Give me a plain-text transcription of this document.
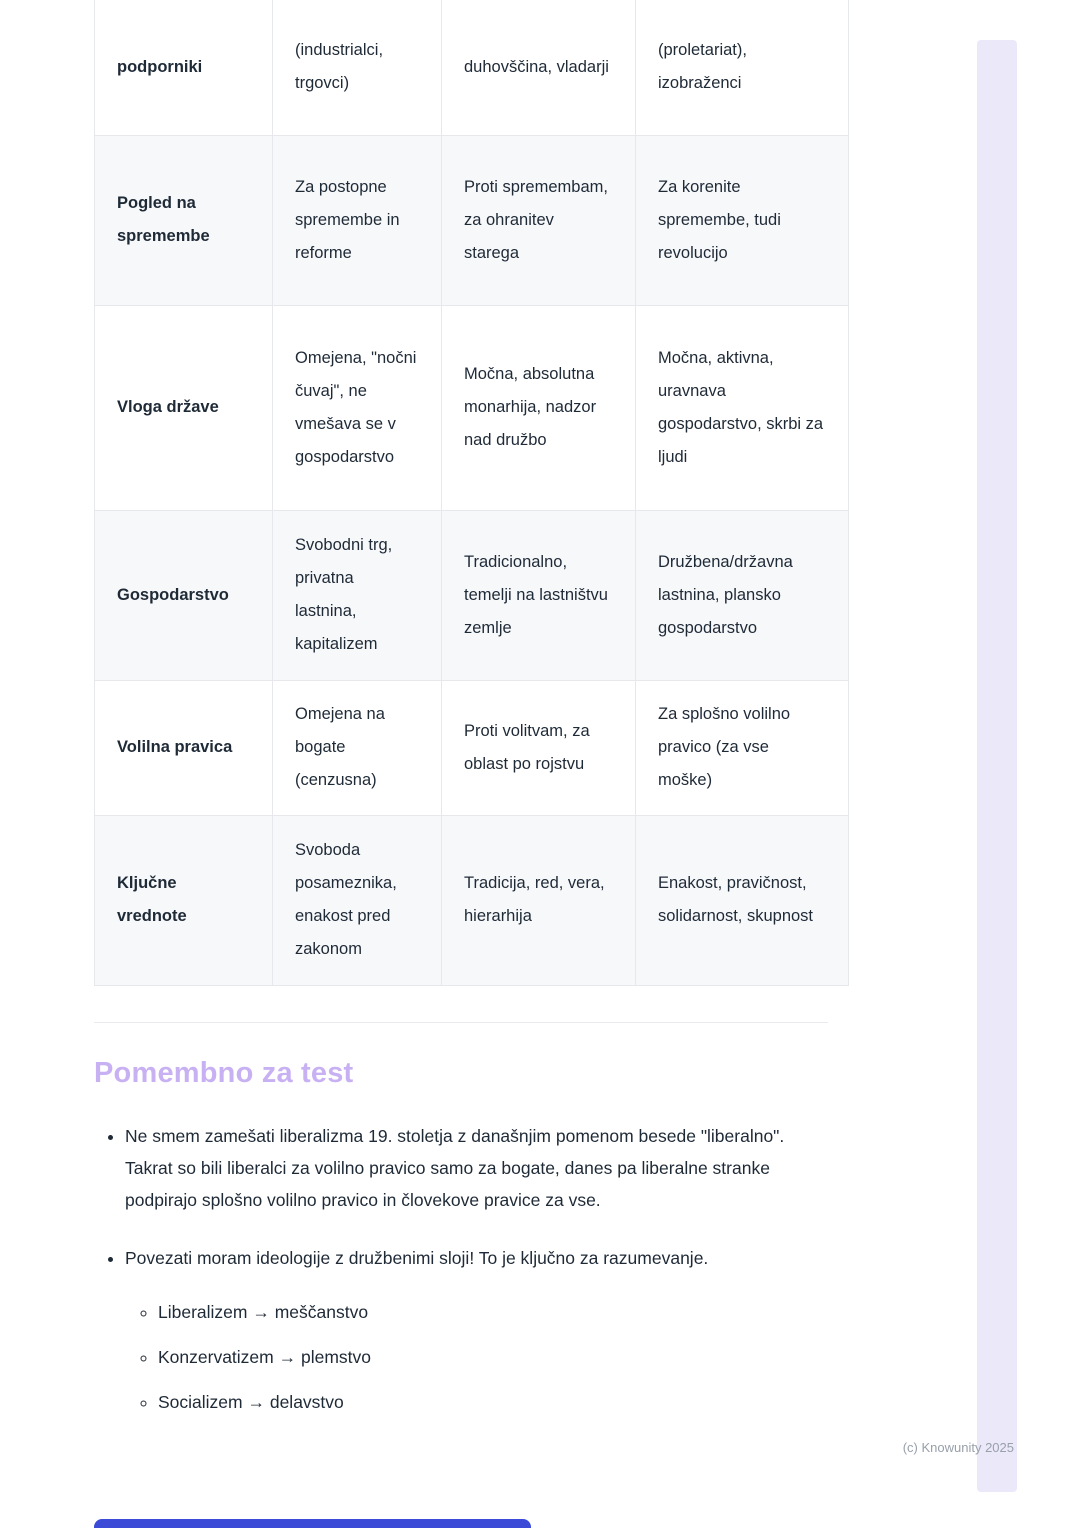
podporniki	(industrialci, trgovci)	duhovščina, vladarji	(proletariat), izobraženci
Pogled na spremembe	Za postopne spremembe in reforme	Proti spremembam, za ohranitev starega	Za korenite spremembe, tudi revolucijo
Vloga države	Omejena, "nočni čuvaj", ne vmešava se v gospodarstvo	Močna, absolutna monarhija, nadzor nad družbo	Močna, aktivna, uravnava gospodarstvo, skrbi za ljudi
Gospodarstvo	Svobodni trg, privatna lastnina, kapitalizem	Tradicionalno, temelji na lastništvu zemlje	Družbena/državna lastnina, plansko gospodarstvo
Volilna pravica	Omejena na bogate (cenzusna)	Proti volitvam, za oblast po rojstvu	Za splošno volilno pravico (za vse moške)
Ključne vrednote	Svoboda posameznika, enakost pred zakonom	Tradicija, red, vera, hierarhija	Enakost, pravičnost, solidarnost, skupnost
Pomembno za test
• Ne smem zamešati liberalizma 19. stoletja z današnjim pomenom besede "liberalno". Takrat so bili liberalci za volilno pravico samo za bogate, danes pa liberalne stranke podpirajo splošno volilno pravico in človekove pravice za vse.
• Povezati moram ideologije z družbenimi sloji! To je ključno za razumevanje.
◦ Liberalizem → meščanstvo
◦ Konzervatizem → plemstvo
◦ Socializem → delavstvo
(c) Knowunity 2025
